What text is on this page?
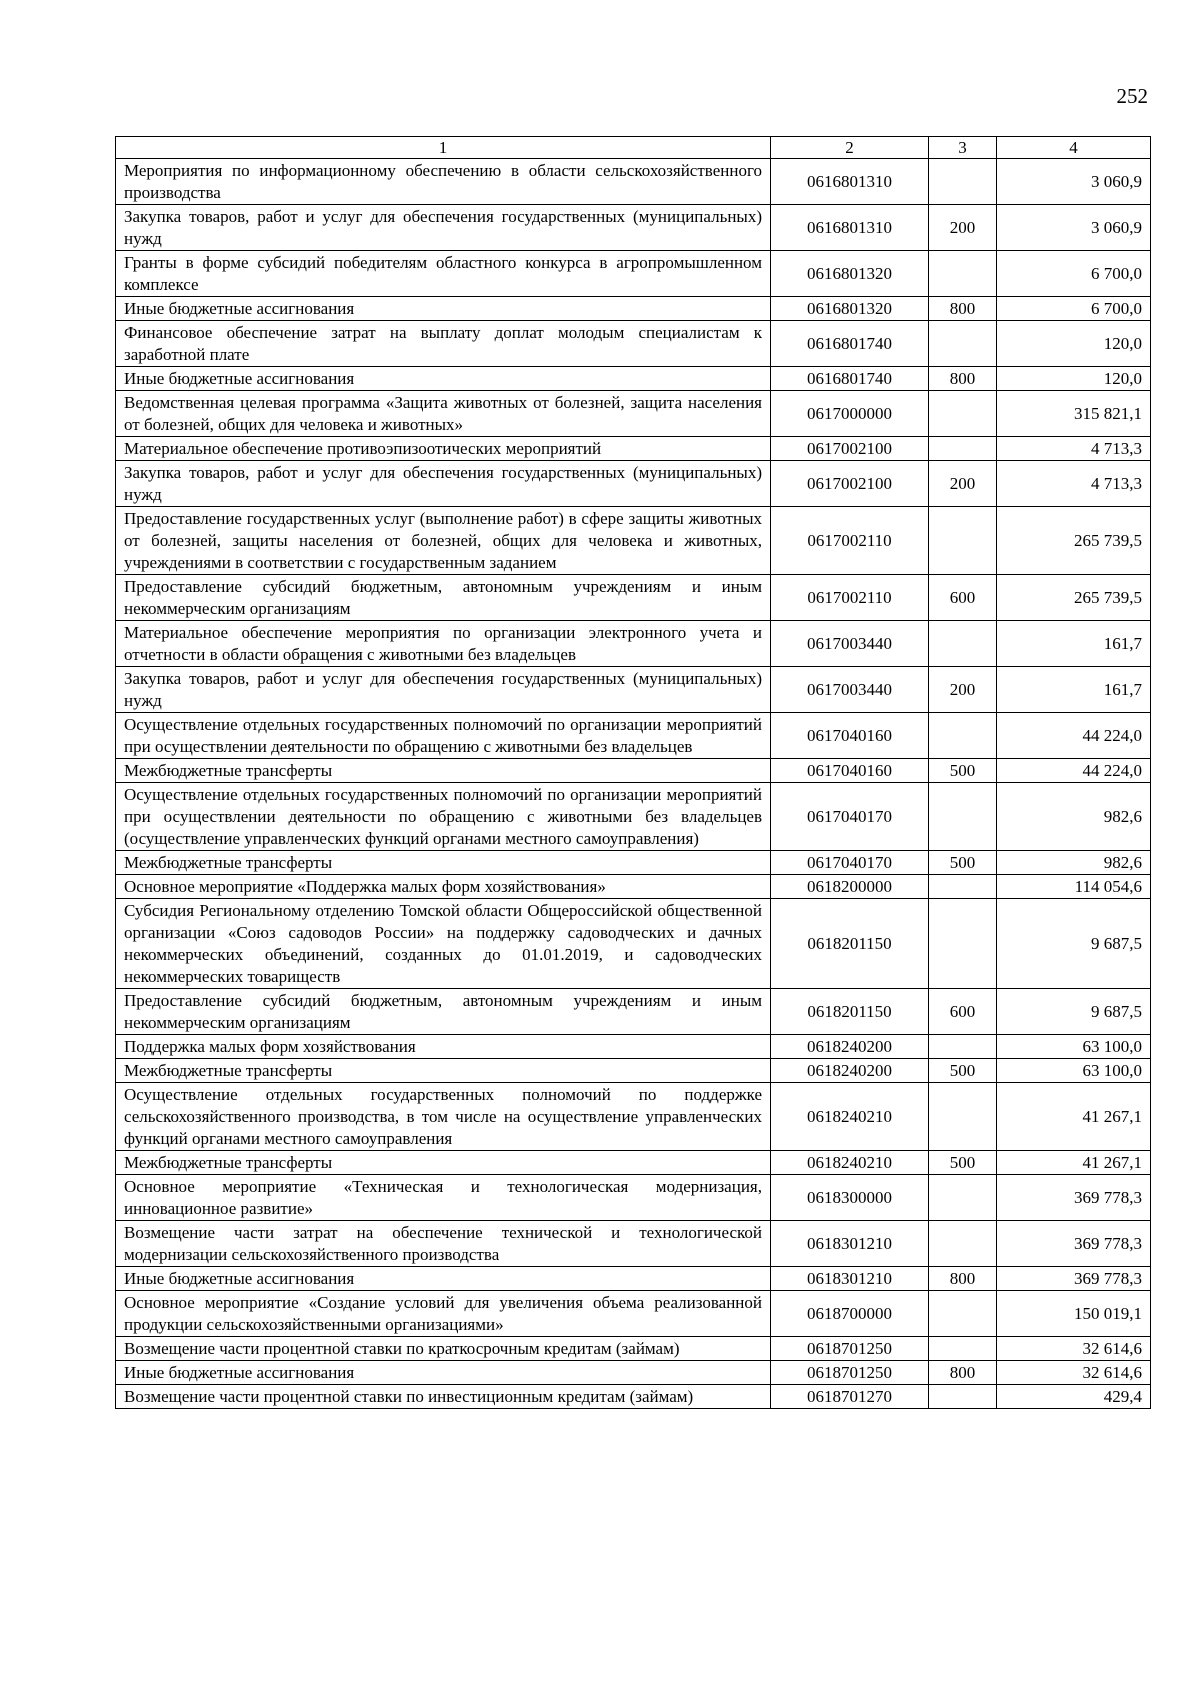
252
1	2	3	4
Мероприятия по информационному обеспечению в области сельскохозяйственного производства	0616801310		3 060,9
Закупка товаров, работ и услуг для обеспечения государственных (муниципальных) нужд	0616801310	200	3 060,9
Гранты в форме субсидий победителям областного конкурса в агропромышленном комплексе	0616801320		6 700,0
Иные бюджетные ассигнования	0616801320	800	6 700,0
Финансовое обеспечение затрат на выплату доплат молодым специалистам к заработной плате	0616801740		120,0
Иные бюджетные ассигнования	0616801740	800	120,0
Ведомственная целевая программа «Защита животных от болезней, защита населения от болезней, общих для человека и животных»	0617000000		315 821,1
Материальное обеспечение противоэпизоотических мероприятий	0617002100		4 713,3
Закупка товаров, работ и услуг для обеспечения государственных (муниципальных) нужд	0617002100	200	4 713,3
Предоставление государственных услуг (выполнение работ) в сфере защиты животных от болезней, защиты населения от болезней, общих для человека и животных, учреждениями в соответствии с государственным заданием	0617002110		265 739,5
Предоставление субсидий бюджетным, автономным учреждениям и иным некоммерческим организациям	0617002110	600	265 739,5
Материальное обеспечение мероприятия по организации электронного учета и отчетности в области обращения с животными без владельцев	0617003440		161,7
Закупка товаров, работ и услуг для обеспечения государственных (муниципальных) нужд	0617003440	200	161,7
Осуществление отдельных государственных полномочий по организации мероприятий при осуществлении деятельности по обращению с животными без владельцев	0617040160		44 224,0
Межбюджетные трансферты	0617040160	500	44 224,0
Осуществление отдельных государственных полномочий по организации мероприятий при осуществлении деятельности по обращению с животными без владельцев (осуществление управленческих функций органами местного самоуправления)	0617040170		982,6
Межбюджетные трансферты	0617040170	500	982,6
Основное мероприятие «Поддержка малых форм хозяйствования»	0618200000		114 054,6
Субсидия Региональному отделению Томской области Общероссийской общественной организации «Союз садоводов России» на поддержку садоводческих и дачных некоммерческих объединений, созданных до 01.01.2019, и садоводческих некоммерческих товариществ	0618201150		9 687,5
Предоставление субсидий бюджетным, автономным учреждениям и иным некоммерческим организациям	0618201150	600	9 687,5
Поддержка малых форм хозяйствования	0618240200		63 100,0
Межбюджетные трансферты	0618240200	500	63 100,0
Осуществление отдельных государственных полномочий по поддержке сельскохозяйственного производства, в том числе на осуществление управленческих функций органами местного самоуправления	0618240210		41 267,1
Межбюджетные трансферты	0618240210	500	41 267,1
Основное мероприятие «Техническая и технологическая модернизация, инновационное развитие»	0618300000		369 778,3
Возмещение части затрат на обеспечение технической и технологической модернизации сельскохозяйственного производства	0618301210		369 778,3
Иные бюджетные ассигнования	0618301210	800	369 778,3
Основное мероприятие «Создание условий для увеличения объема реализованной продукции сельскохозяйственными организациями»	0618700000		150 019,1
Возмещение части процентной ставки по краткосрочным кредитам (займам)	0618701250		32 614,6
Иные бюджетные ассигнования	0618701250	800	32 614,6
Возмещение части процентной ставки по инвестиционным кредитам (займам)	0618701270		429,4
